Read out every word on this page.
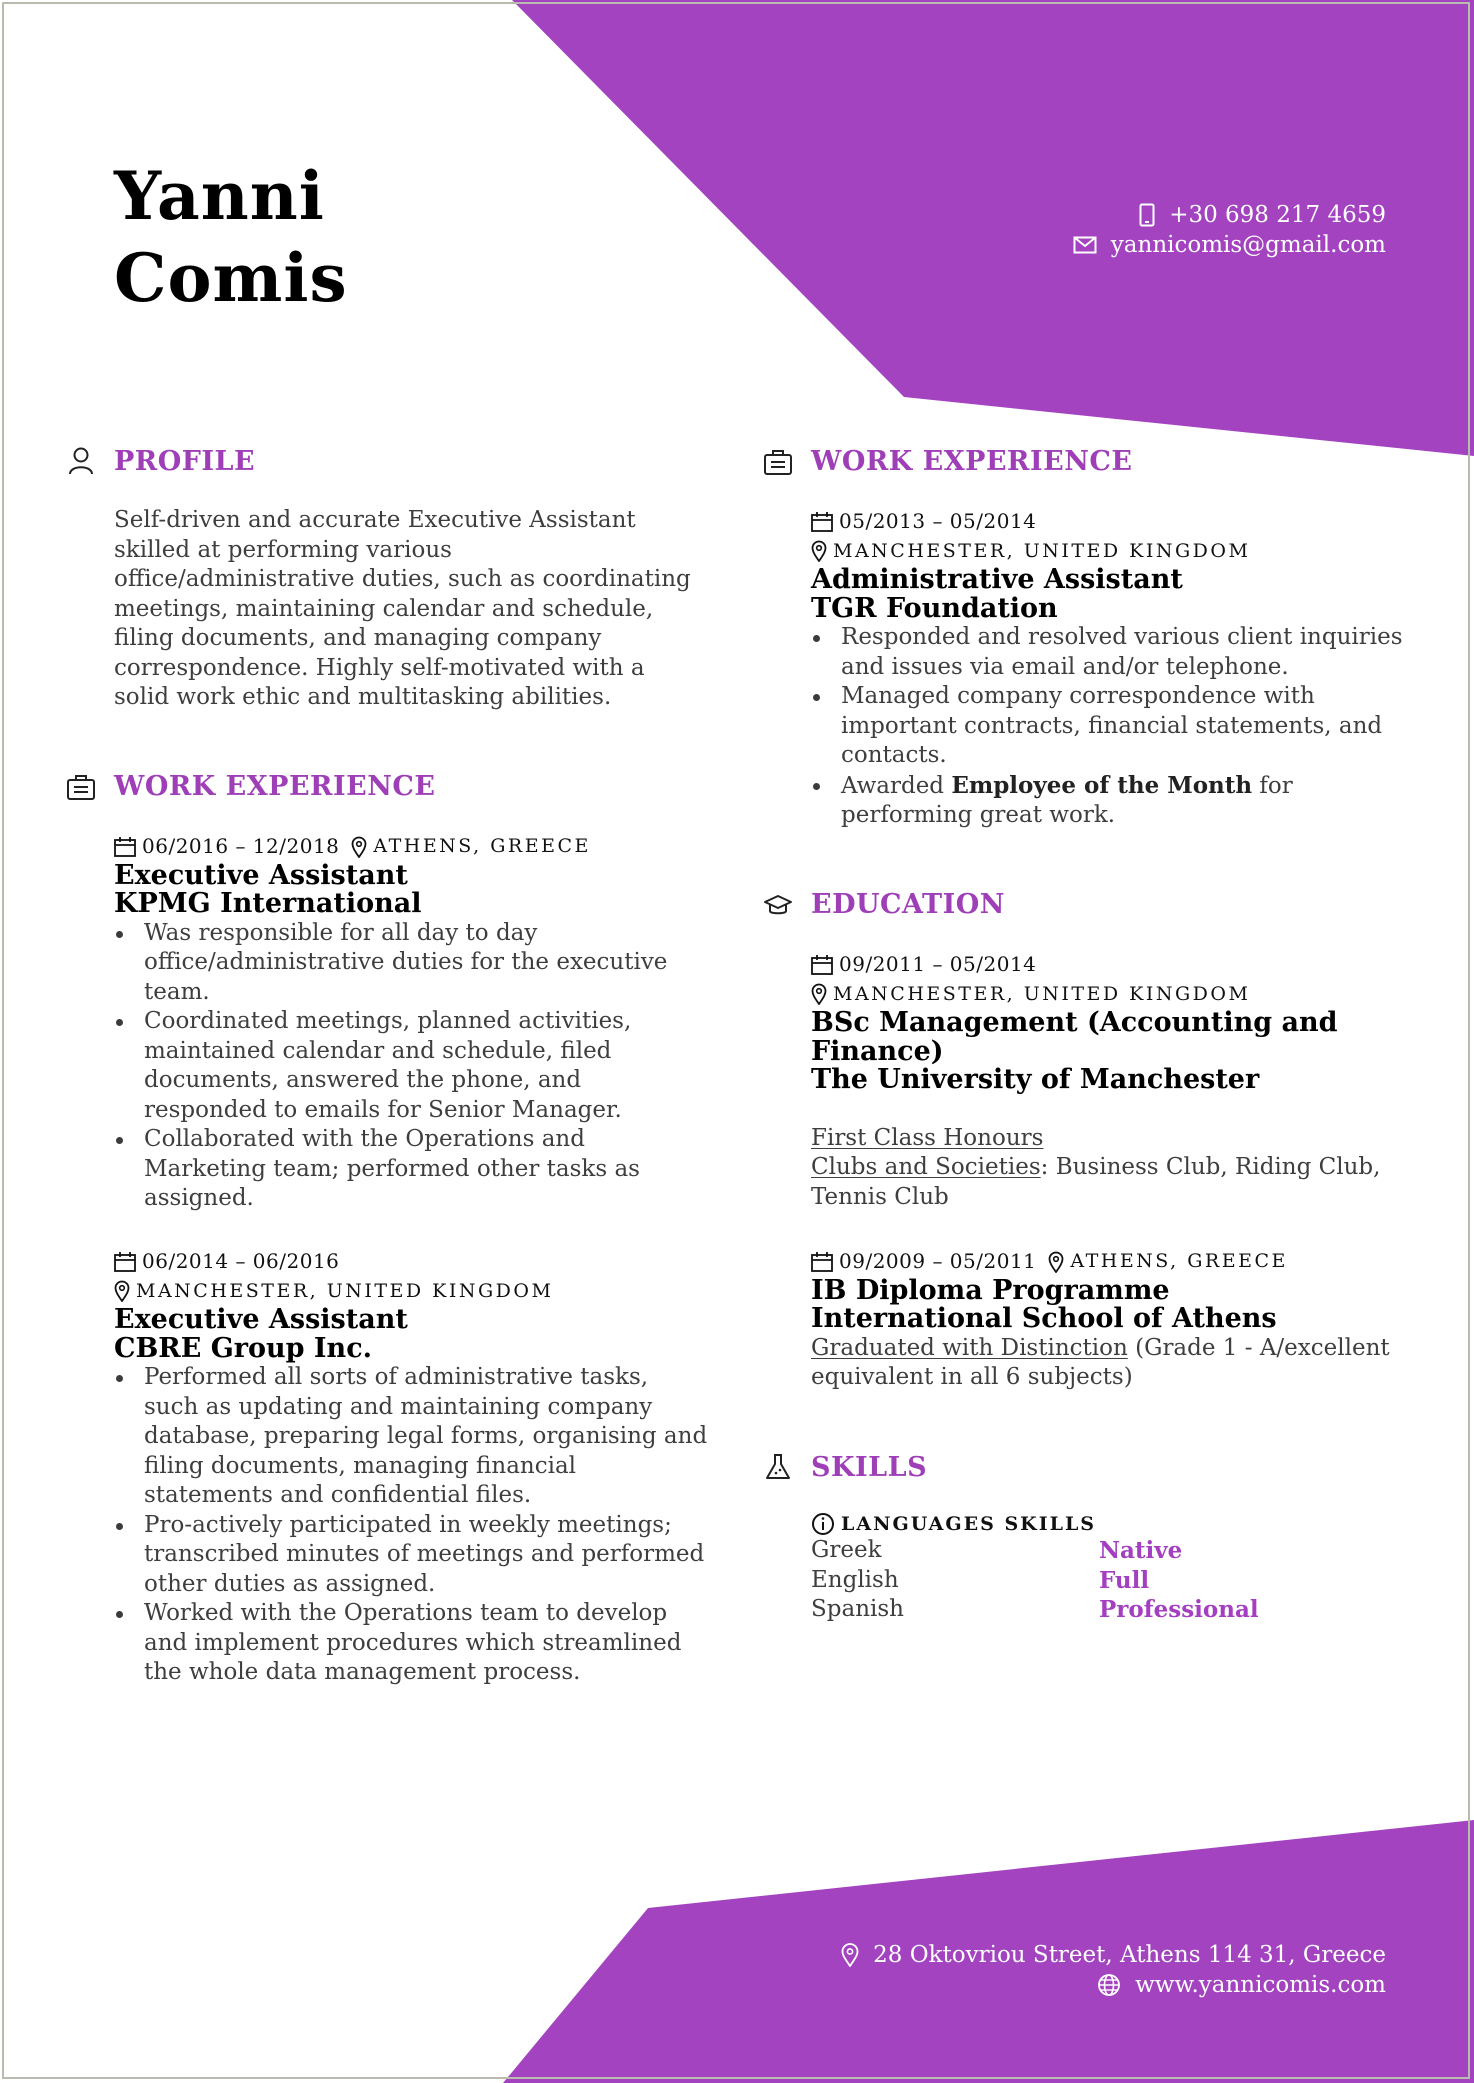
Yanni
Comis
+30 698 217 4659
yannicomis@gmail.com
PROFILE
Self-driven and accurate Executive Assistant
skilled at performing various
office/administrative duties, such as coordinating
meetings, maintaining calendar and schedule,
filing documents, and managing company
correspondence. Highly self-motivated with a
solid work ethic and multitasking abilities.
WORK EXPERIENCE
06/2016 – 12/2018 ATHENS, GREECE
Executive Assistant
KPMG International
Was responsible for all day to day
office/administrative duties for the executive
team.
Coordinated meetings, planned activities,
maintained calendar and schedule, filed
documents, answered the phone, and
responded to emails for Senior Manager.
Collaborated with the Operations and
Marketing team; performed other tasks as
assigned.
06/2014 – 06/2016
MANCHESTER, UNITED KINGDOM
Executive Assistant
CBRE Group Inc.
Performed all sorts of administrative tasks,
such as updating and maintaining company
database, preparing legal forms, organising and
filing documents, managing financial
statements and confidential files.
Pro-actively participated in weekly meetings;
transcribed minutes of meetings and performed
other duties as assigned.
Worked with the Operations team to develop
and implement procedures which streamlined
the whole data management process.
WORK EXPERIENCE
05/2013 – 05/2014
MANCHESTER, UNITED KINGDOM
Administrative Assistant
TGR Foundation
Responded and resolved various client inquiries
and issues via email and/or telephone.
Managed company correspondence with
important contracts, financial statements, and
contacts.
Awarded Employee of the Month for
performing great work.
EDUCATION
09/2011 – 05/2014
MANCHESTER, UNITED KINGDOM
BSc Management (Accounting and
Finance)
The University of Manchester
First Class Honours
Clubs and Societies: Business Club, Riding Club,
Tennis Club
09/2009 – 05/2011 ATHENS, GREECE
IB Diploma Programme
International School of Athens
Graduated with Distinction (Grade 1 - A/excellent
equivalent in all 6 subjects)
SKILLS
LANGUAGES SKILLS
Greek	Native
English	Full
Spanish	Professional
28 Oktovriou Street, Athens 114 31, Greece
www.yannicomis.com
